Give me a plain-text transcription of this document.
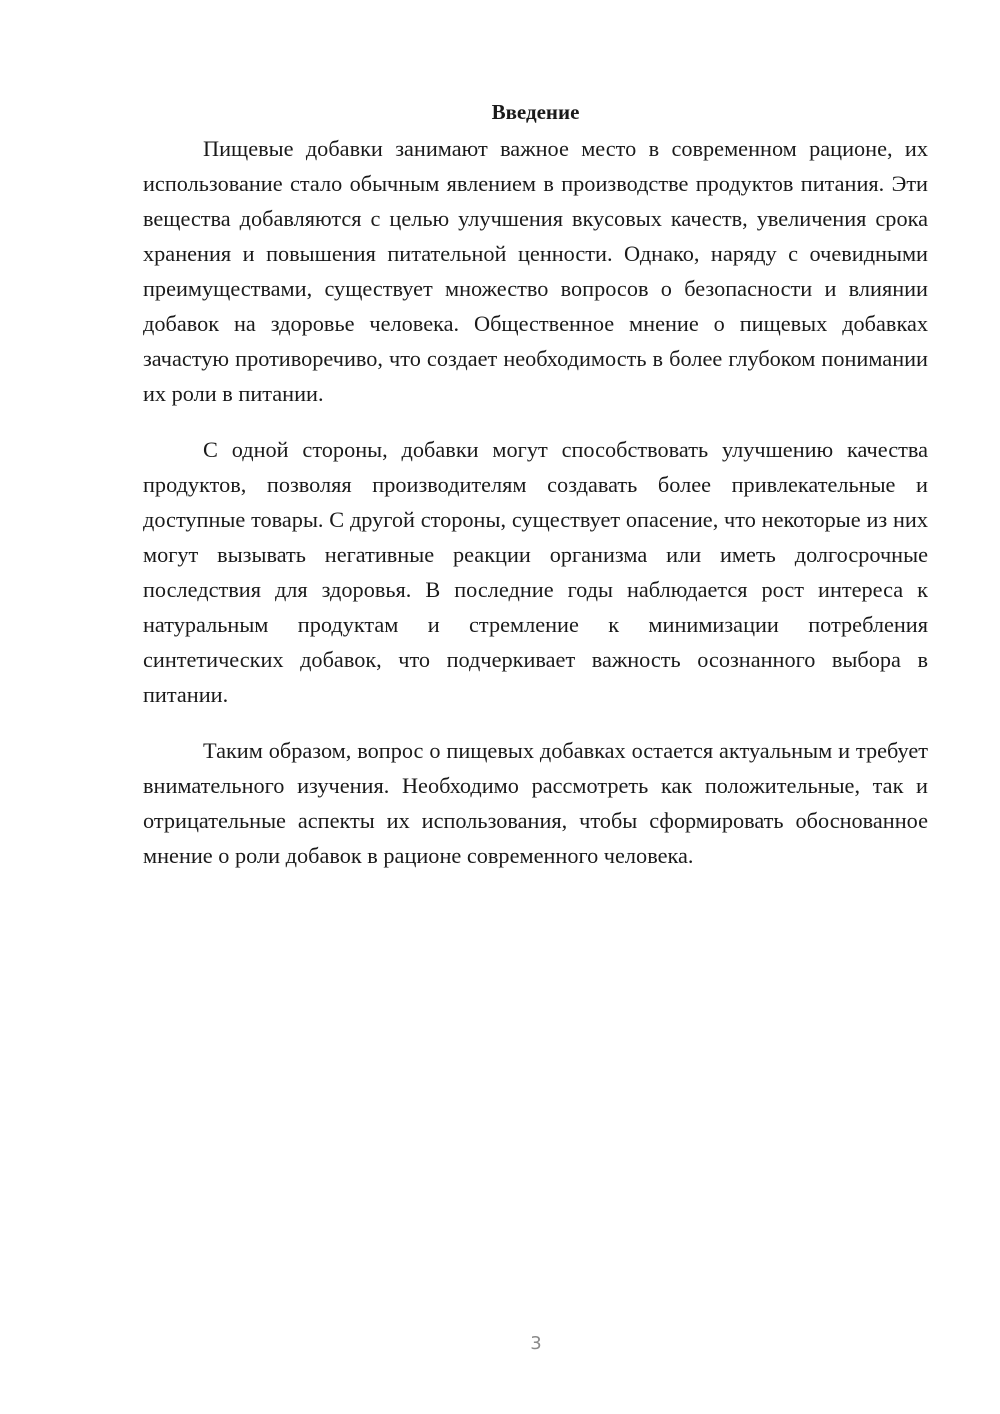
Введение

Пищевые добавки занимают важное место в современном рационе, их использование стало обычным явлением в производстве продуктов питания. Эти вещества добавляются с целью улучшения вкусовых качеств, увеличения срока хранения и повышения питательной ценности. Однако, наряду с очевидными преимуществами, существует множество вопросов о безопасности и влиянии добавок на здоровье человека. Общественное мнение о пищевых добавках зачастую противоречиво, что создает необходимость в более глубоком понимании их роли в питании.

С одной стороны, добавки могут способствовать улучшению качества продуктов, позволяя производителям создавать более привлекательные и доступные товары. С другой стороны, существует опасение, что некоторые из них могут вызывать негативные реакции организма или иметь долгосрочные последствия для здоровья. В последние годы наблюдается рост интереса к натуральным продуктам и стремление к минимизации потребления синтетических добавок, что подчеркивает важность осознанного выбора в питании.

Таким образом, вопрос о пищевых добавках остается актуальным и требует внимательного изучения. Необходимо рассмотреть как положительные, так и отрицательные аспекты их использования, чтобы сформировать обоснованное мнение о роли добавок в рационе современного человека.

3
